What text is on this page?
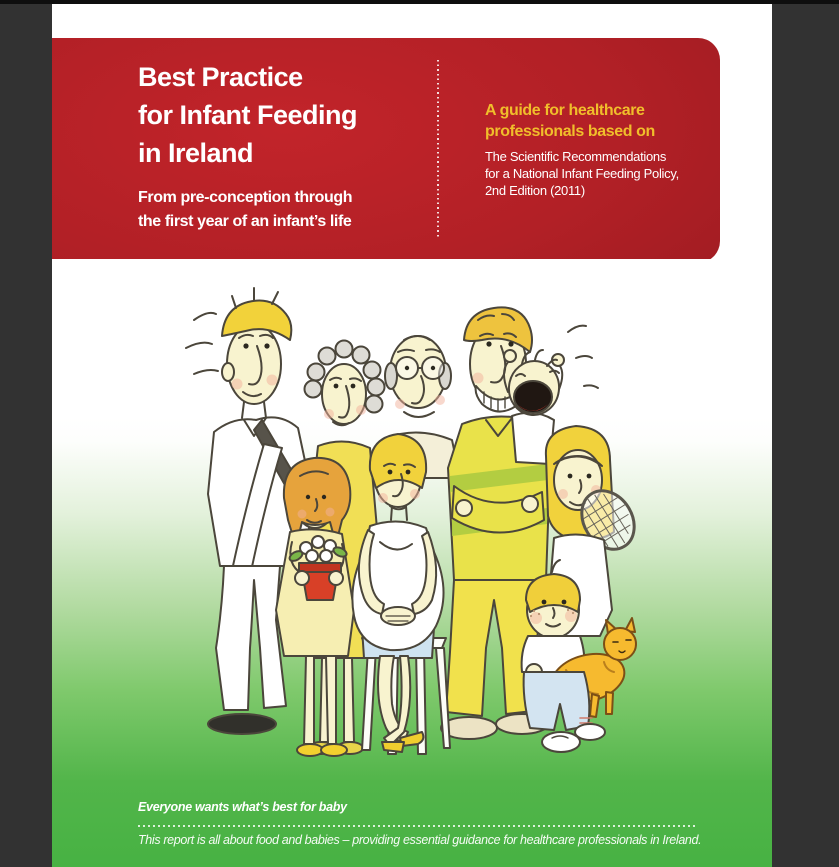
Best Practice
for Infant Feeding
in Ireland
From pre-conception through
the first year of an infant’s life
A guide for healthcare
professionals based on
The Scientific Recommendations
for a National Infant Feeding Policy,
2nd Edition (2011)
Everyone wants what’s best for baby
This report is all about food and babies – providing essential guidance for healthcare professionals in Ireland.
